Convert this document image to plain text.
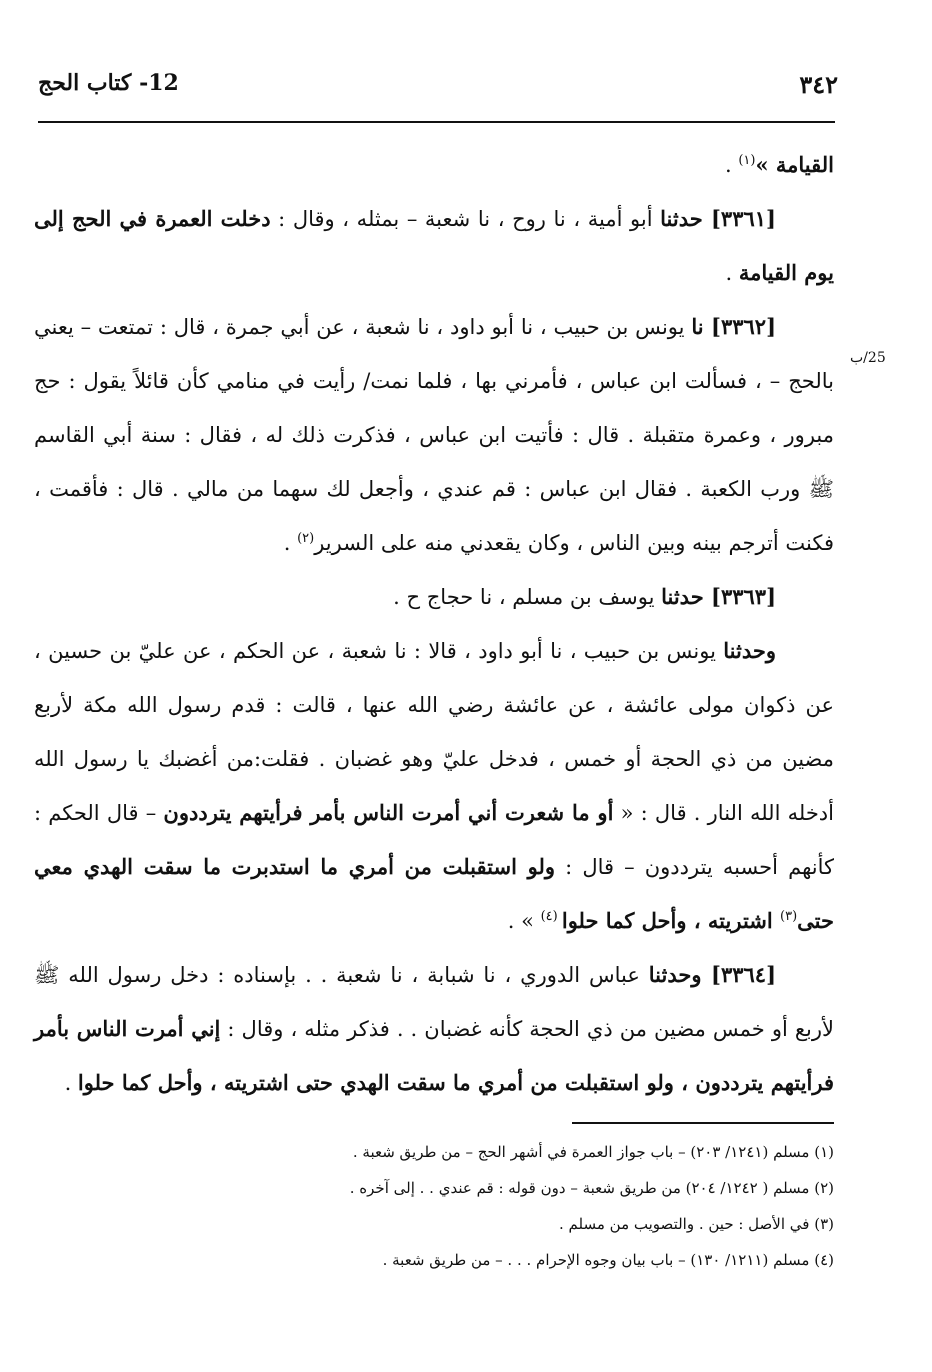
12- كتاب الحج	٣٤٢
25/ب

القيامة »$^{(١)}$ .

[٣٣٦١] حدثنا أبو أمية ، نا روح ، نا شعبة – بمثله ، وقال : دخلت العمرة في الحج إلى يوم القيامة .

[٣٣٦٢] نا يونس بن حبيب ، نا أبو داود ، نا شعبة ، عن أبي جمرة ، قال : تمتعت – يعني بالحج – ، فسألت ابن عباس ، فأمرني بها ، فلما نمت/ رأيت في منامي كأن قائلاً يقول : حج مبرور ، وعمرة متقبلة . قال : فأتيت ابن عباس ، فذكرت ذلك له ، فقال : سنة أبي القاسم ﷺ ورب الكعبة . فقال ابن عباس : قم عندي ، وأجعل لك سهما من مالي . قال : فأقمت ، فكنت أترجم بينه وبين الناس ، وكان يقعدني منه على السرير$^{(٢)}$ .

[٣٣٦٣] حدثنا يوسف بن مسلم ، نا حجاج ح .

وحدثنا يونس بن حبيب ، نا أبو داود ، قالا : نا شعبة ، عن الحكم ، عن عليّ بن حسين ، عن ذكوان مولى عائشة ، عن عائشة رضي الله عنها ، قالت : قدم رسول الله مكة لأربع مضين من ذي الحجة أو خمس ، فدخل عليّ وهو غضبان . فقلت:من أغضبك يا رسول الله أدخله الله النار . قال : « أو ما شعرت أني أمرت الناس بأمر فرأيتهم يترددون – قال الحكم : كأنهم أحسبه يترددون – قال : ولو استقبلت من أمري ما استدبرت ما سقت الهدي معي حتى$^{(٣)}$ اشتريته ، وأحل كما حلوا $^{(٤)}$ » .

[٣٣٦٤] وحدثنا عباس الدوري ، نا شبابة ، نا شعبة . . بإسناده : دخل رسول الله ﷺ لأربع أو خمس مضين من ذي الحجة كأنه غضبان . . فذكر مثله ، وقال : إني أمرت الناس بأمر فرأيتهم يترددون ، ولو استقبلت من أمري ما سقت الهدي حتى اشتريته ، وأحل كما حلوا .

(١) مسلم (١٢٤١/ ٢٠٣) – باب جواز العمرة في أشهر الحج – من طريق شعبة .
(٢) مسلم ( ١٢٤٢/ ٢٠٤) من طريق شعبة – دون قوله : قم عندي . . إلى آخره .
(٣) في الأصل : حين . والتصويب من مسلم .
(٤) مسلم (١٢١١/ ١٣٠) – باب بيان وجوه الإحرام . . . – من طريق شعبة .
